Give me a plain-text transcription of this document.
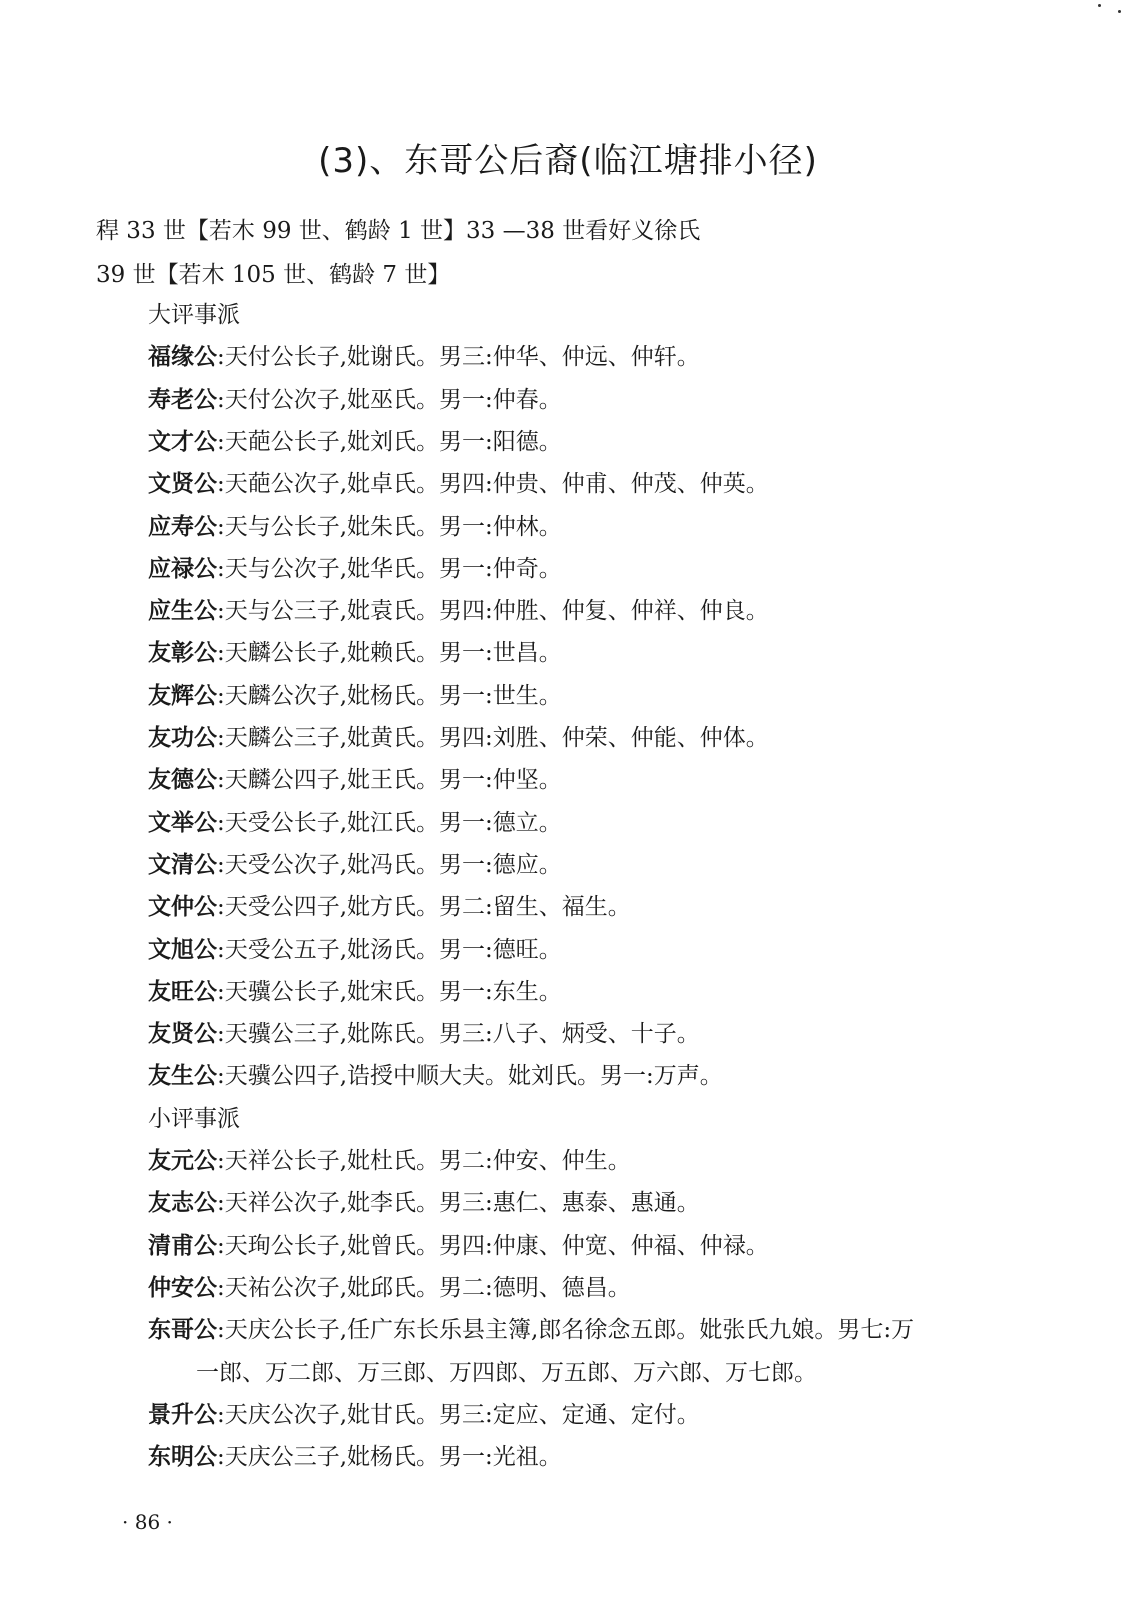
(3)、东哥公后裔(临江塘排小径)
稈 33 世【若木 99 世、鹤龄 1 世】33 —38 世看好义徐氏
39 世【若木 105 世、鹤龄 7 世】
大评事派
福缘公:天付公长子,妣谢氏。男三:仲华、仲远、仲轩。
寿老公:天付公次子,妣巫氏。男一:仲春。
文才公:天葩公长子,妣刘氏。男一:阳德。
文贤公:天葩公次子,妣卓氏。男四:仲贵、仲甫、仲茂、仲英。
应寿公:天与公长子,妣朱氏。男一:仲林。
应禄公:天与公次子,妣华氏。男一:仲奇。
应生公:天与公三子,妣袁氏。男四:仲胜、仲复、仲祥、仲良。
友彰公:天麟公长子,妣赖氏。男一:世昌。
友辉公:天麟公次子,妣杨氏。男一:世生。
友功公:天麟公三子,妣黄氏。男四:刘胜、仲荣、仲能、仲体。
友德公:天麟公四子,妣王氏。男一:仲坚。
文举公:天受公长子,妣江氏。男一:德立。
文清公:天受公次子,妣冯氏。男一:德应。
文仲公:天受公四子,妣方氏。男二:留生、福生。
文旭公:天受公五子,妣汤氏。男一:德旺。
友旺公:天骥公长子,妣宋氏。男一:东生。
友贤公:天骥公三子,妣陈氏。男三:八子、炳受、十子。
友生公:天骥公四子,诰授中顺大夫。妣刘氏。男一:万声。
小评事派
友元公:天祥公长子,妣杜氏。男二:仲安、仲生。
友志公:天祥公次子,妣李氏。男三:惠仁、惠泰、惠通。
清甫公:天珣公长子,妣曾氏。男四:仲康、仲宽、仲福、仲禄。
仲安公:天祐公次子,妣邱氏。男二:德明、德昌。
东哥公:天庆公长子,任广东长乐县主簿,郎名徐念五郎。妣张氏九娘。男七:万
一郎、万二郎、万三郎、万四郎、万五郎、万六郎、万七郎。
景升公:天庆公次子,妣甘氏。男三:定应、定通、定付。
东明公:天庆公三子,妣杨氏。男一:光祖。
· 86 ·
